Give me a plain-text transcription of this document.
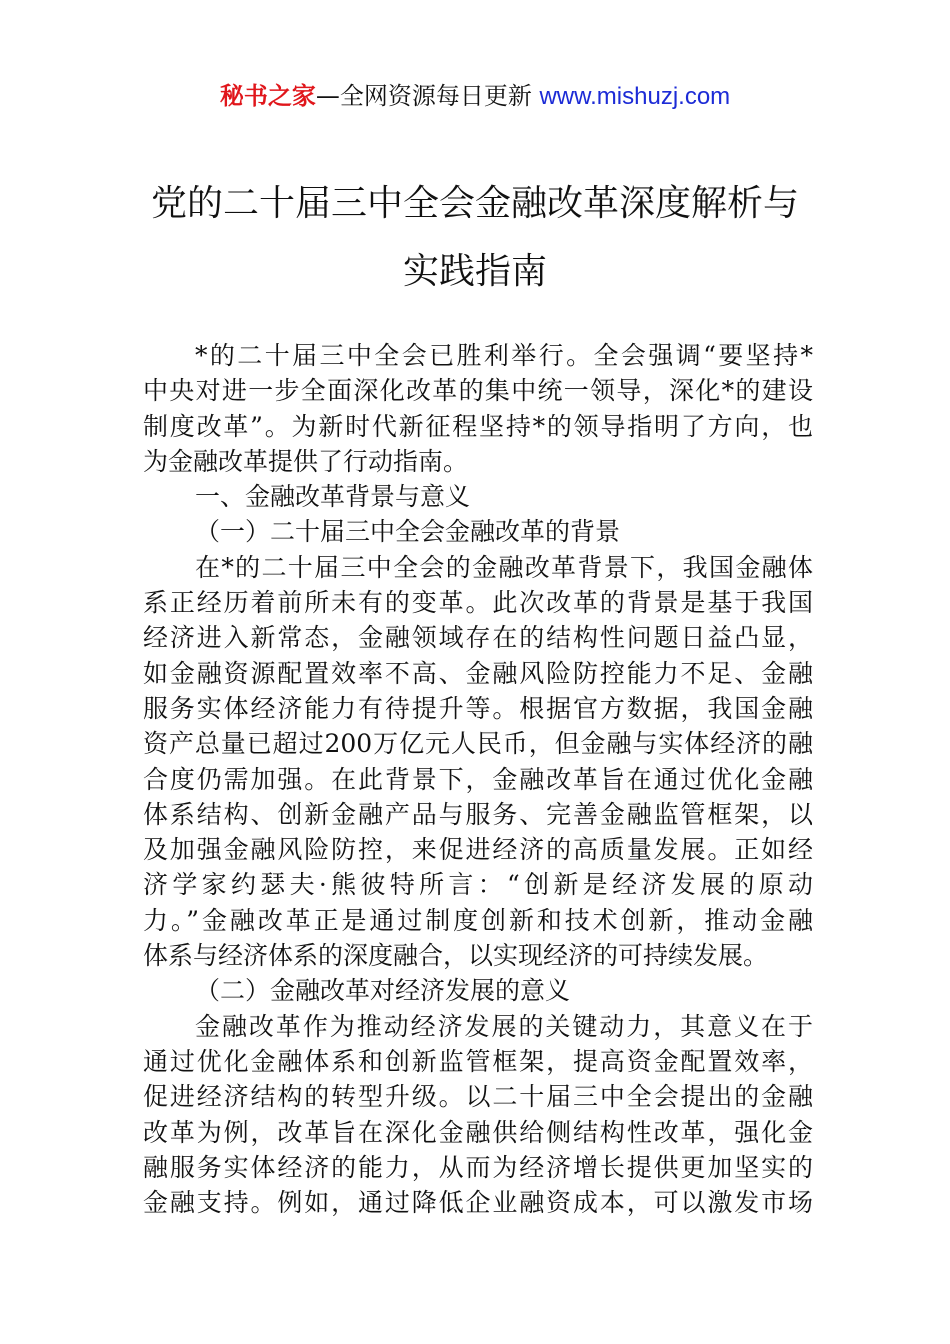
秘书之家—全网资源每日更新 www.mishuzj.com
党的二十届三中全会金融改革深度解析与
实践指南
*的二十届三中全会已胜利举行。全会强调“要坚持*
中央对进一步全面深化改革的集中统一领导，深化*的建设
制度改革”。为新时代新征程坚持*的领导指明了方向，也
为金融改革提供了行动指南。
一、金融改革背景与意义
（一）二十届三中全会金融改革的背景
在*的二十届三中全会的金融改革背景下，我国金融体
系正经历着前所未有的变革。此次改革的背景是基于我国
经济进入新常态，金融领域存在的结构性问题日益凸显，
如金融资源配置效率不高、金融风险防控能力不足、金融
服务实体经济能力有待提升等。根据官方数据，我国金融
资产总量已超过200万亿元人民币，但金融与实体经济的融
合度仍需加强。在此背景下，金融改革旨在通过优化金融
体系结构、创新金融产品与服务、完善金融监管框架，以
及加强金融风险防控，来促进经济的高质量发展。正如经
济学家约瑟夫·熊彼特所言：“创新是经济发展的原动
力。”金融改革正是通过制度创新和技术创新，推动金融
体系与经济体系的深度融合，以实现经济的可持续发展。
（二）金融改革对经济发展的意义
金融改革作为推动经济发展的关键动力，其意义在于
通过优化金融体系和创新监管框架，提高资金配置效率，
促进经济结构的转型升级。以二十届三中全会提出的金融
改革为例，改革旨在深化金融供给侧结构性改革，强化金
融服务实体经济的能力，从而为经济增长提供更加坚实的
金融支持。例如，通过降低企业融资成本，可以激发市场
